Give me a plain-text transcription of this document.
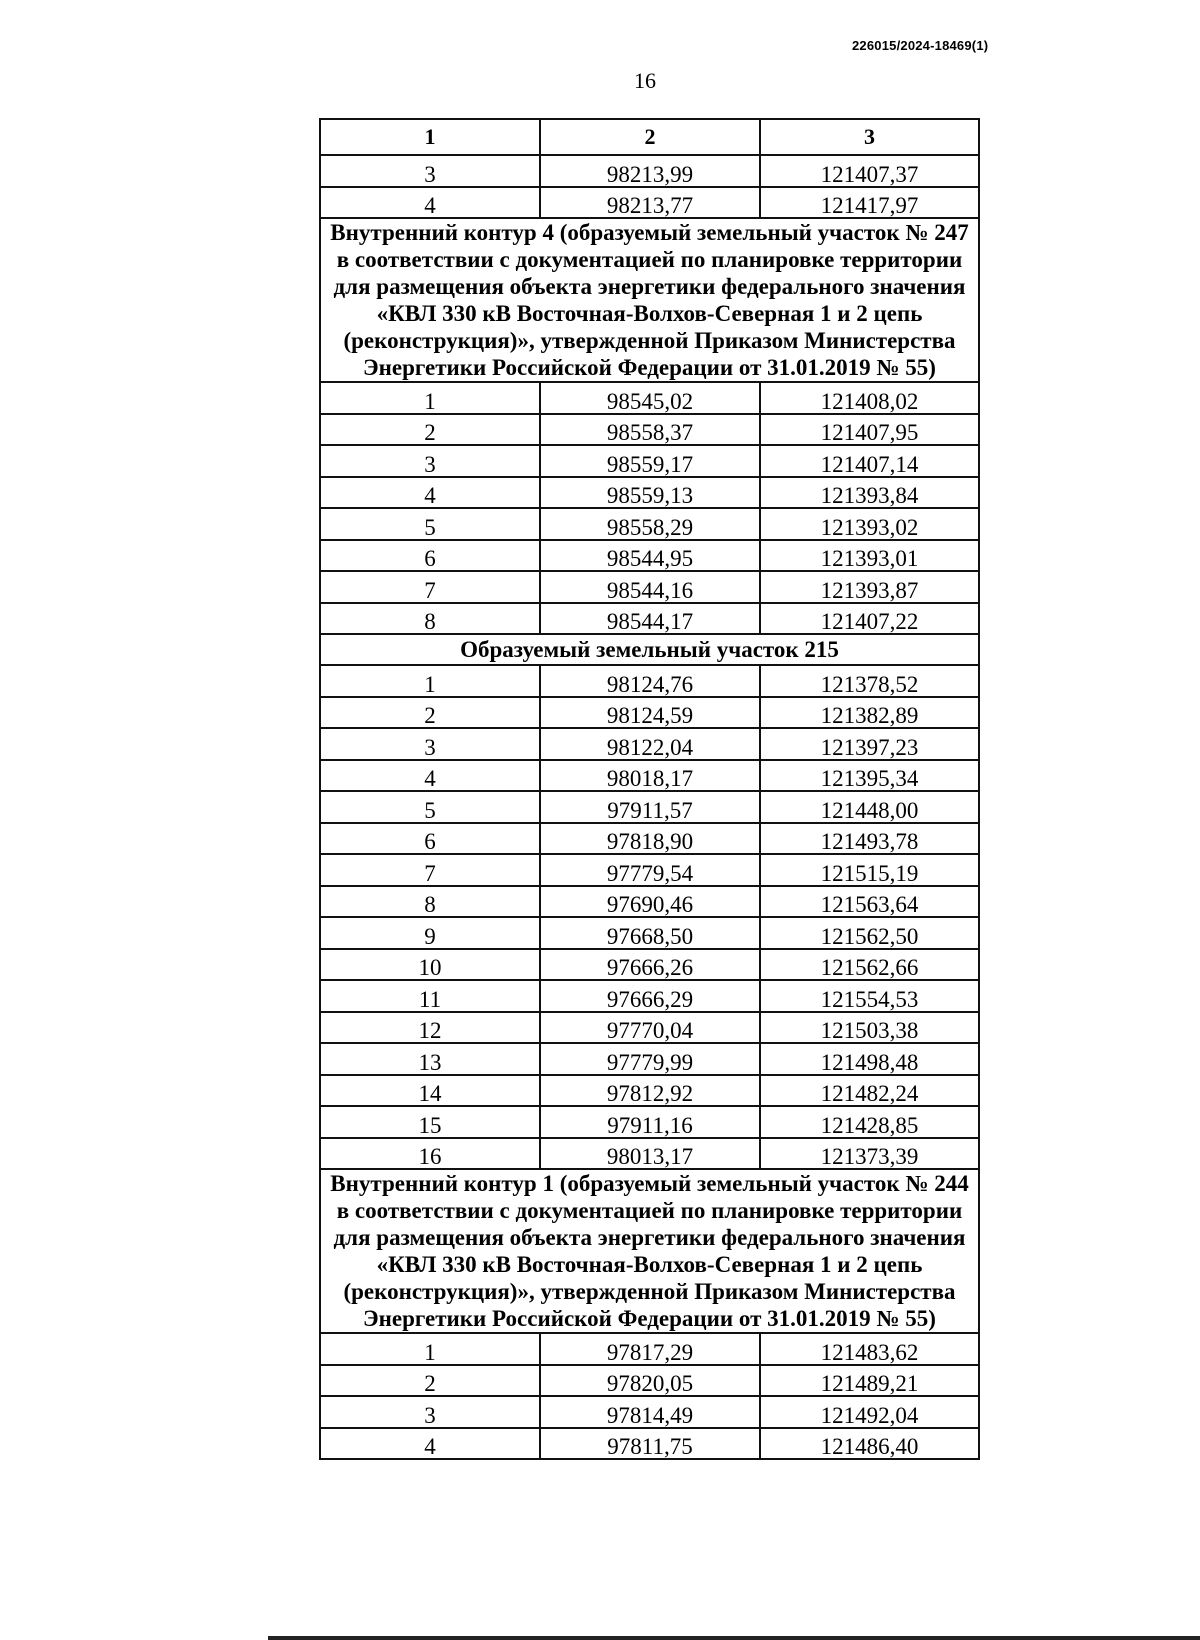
226015/2024-18469(1)
16
1	2	3
3	98213,99	121407,37
4	98213,77	121417,97
Внутренний контур 4 (образуемый земельный участок № 247 в соответствии с документацией по планировке территории для размещения объекта энергетики федерального значения «КВЛ 330 кВ Восточная-Волхов-Северная 1 и 2 цепь (реконструкция)», утвержденной Приказом Министерства Энергетики Российской Федерации от 31.01.2019 № 55)		
1	98545,02	121408,02
2	98558,37	121407,95
3	98559,17	121407,14
4	98559,13	121393,84
5	98558,29	121393,02
6	98544,95	121393,01
7	98544,16	121393,87
8	98544,17	121407,22
Образуемый земельный участок 215		
1	98124,76	121378,52
2	98124,59	121382,89
3	98122,04	121397,23
4	98018,17	121395,34
5	97911,57	121448,00
6	97818,90	121493,78
7	97779,54	121515,19
8	97690,46	121563,64
9	97668,50	121562,50
10	97666,26	121562,66
11	97666,29	121554,53
12	97770,04	121503,38
13	97779,99	121498,48
14	97812,92	121482,24
15	97911,16	121428,85
16	98013,17	121373,39
Внутренний контур 1 (образуемый земельный участок № 244 в соответствии с документацией по планировке территории для размещения объекта энергетики федерального значения «КВЛ 330 кВ Восточная-Волхов-Северная 1 и 2 цепь (реконструкция)», утвержденной Приказом Министерства Энергетики Российской Федерации от 31.01.2019 № 55)		
1	97817,29	121483,62
2	97820,05	121489,21
3	97814,49	121492,04
4	97811,75	121486,40
